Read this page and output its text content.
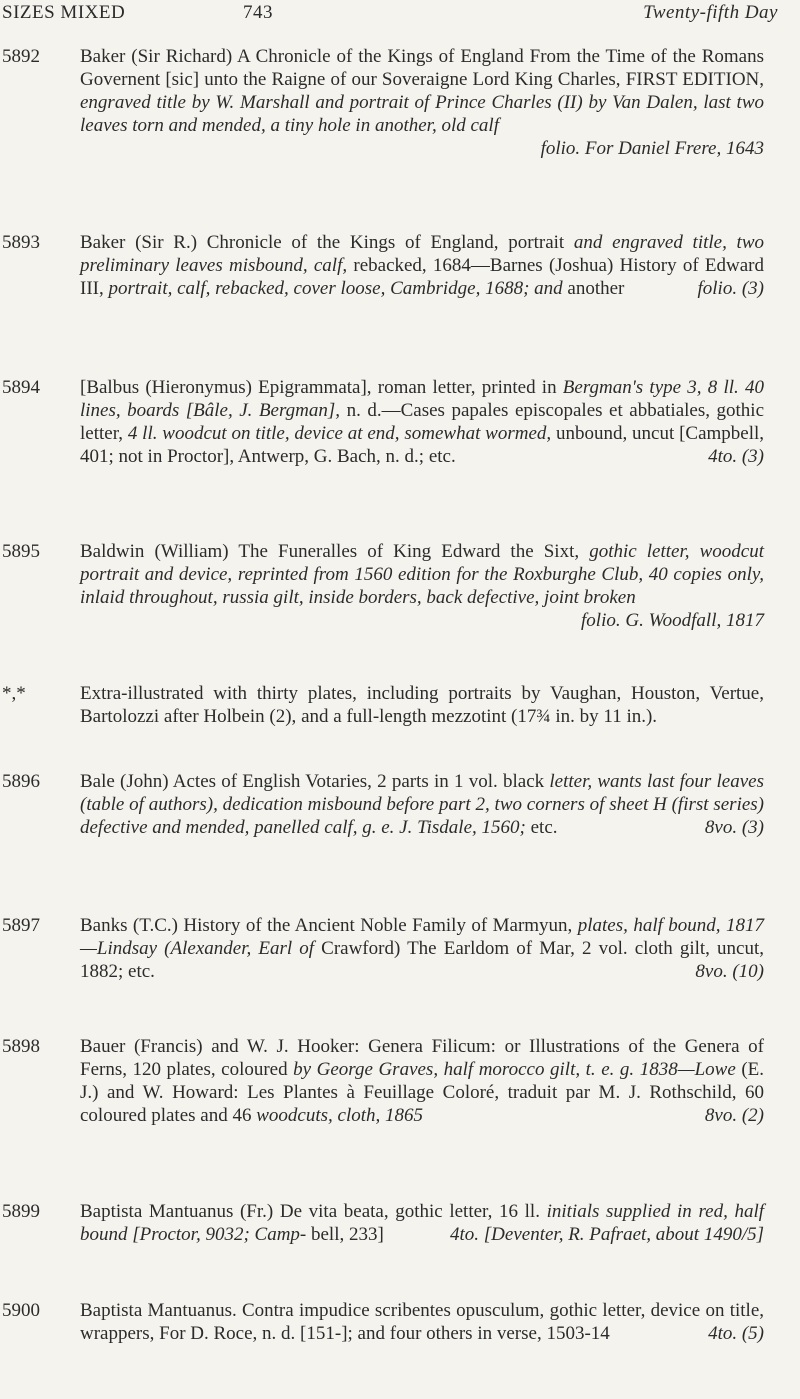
SIZES MIXED	743	Twenty-fifth Day
5892	Baker (Sir Richard) A Chronicle of the Kings of England From the Time of the Romans Governent [sic] unto the Raigne of our Soveraigne Lord King Charles, FIRST EDITION, engraved title by W. Marshall and portrait of Prince Charles (II) by Van Dalen, last two leaves torn and mended, a tiny hole in another, old calf

folio. For Daniel Frere, 1643
5893	Baker (Sir R.) Chronicle of the Kings of England, portrait and engraved title, two preliminary leaves misbound, calf, rebacked, 1684—Barnes (Joshua) History of Edward III, portrait, calf, rebacked, cover loose, Cambridge, 1688; and another	folio. (3)
5894	[Balbus (Hieronymus) Epigrammata], roman letter, printed in Bergman's type 3, 8 ll. 40 lines, boards [Bâle, J. Bergman], n. d.—Cases papales episcopales et abbatiales, gothic letter, 4 ll. woodcut on title, device at end, somewhat wormed, unbound, uncut [Campbell, 401; not in Proctor], Antwerp, G. Bach, n. d.; etc.	4to. (3)
5895	Baldwin (William) The Funeralles of King Edward the Sixt, gothic letter, woodcut portrait and device, reprinted from 1560 edition for the Roxburghe Club, 40 copies only, inlaid throughout, russia gilt, inside borders, back defective, joint broken
folio. G. Woodfall, 1817
*,*	Extra-illustrated with thirty plates, including portraits by Vaughan, Houston, Vertue, Bartolozzi after Holbein (2), and a full-length mezzotint (17¾ in. by 11 in.).
5896	Bale (John) Actes of English Votaries, 2 parts in 1 vol. black letter, wants last four leaves (table of authors), dedication misbound before part 2, two corners of sheet H (first series) defective and mended, panelled calf, g. e. J. Tisdale, 1560; etc.	8vo. (3)
5897	Banks (T.C.) History of the Ancient Noble Family of Marmyun, plates, half bound, 1817—Lindsay (Alexander, Earl of Crawford) The Earldom of Mar, 2 vol. cloth gilt, uncut, 1882; etc.	8vo. (10)
5898	Bauer (Francis) and W. J. Hooker: Genera Filicum: or Illustrations of the Genera of Ferns, 120 plates, coloured by George Graves, half morocco gilt, t. e. g. 1838—Lowe (E. J.) and W. Howard: Les Plantes à Feuillage Coloré, traduit par M. J. Rothschild, 60 coloured plates and 46 woodcuts, cloth, 1865	8vo. (2)
5899	Baptista Mantuanus (Fr.) De vita beata, gothic letter, 16 ll. initials supplied in red, half bound [Proctor, 9032; Camp- bell, 233]	4to. [Deventer, R. Pafraet, about 1490/5]
5900	Baptista Mantuanus. Contra impudice scribentes opusculum, gothic letter, device on title, wrappers, For D. Roce, n. d. [151-]; and four others in verse, 1503-14	4to. (5)
